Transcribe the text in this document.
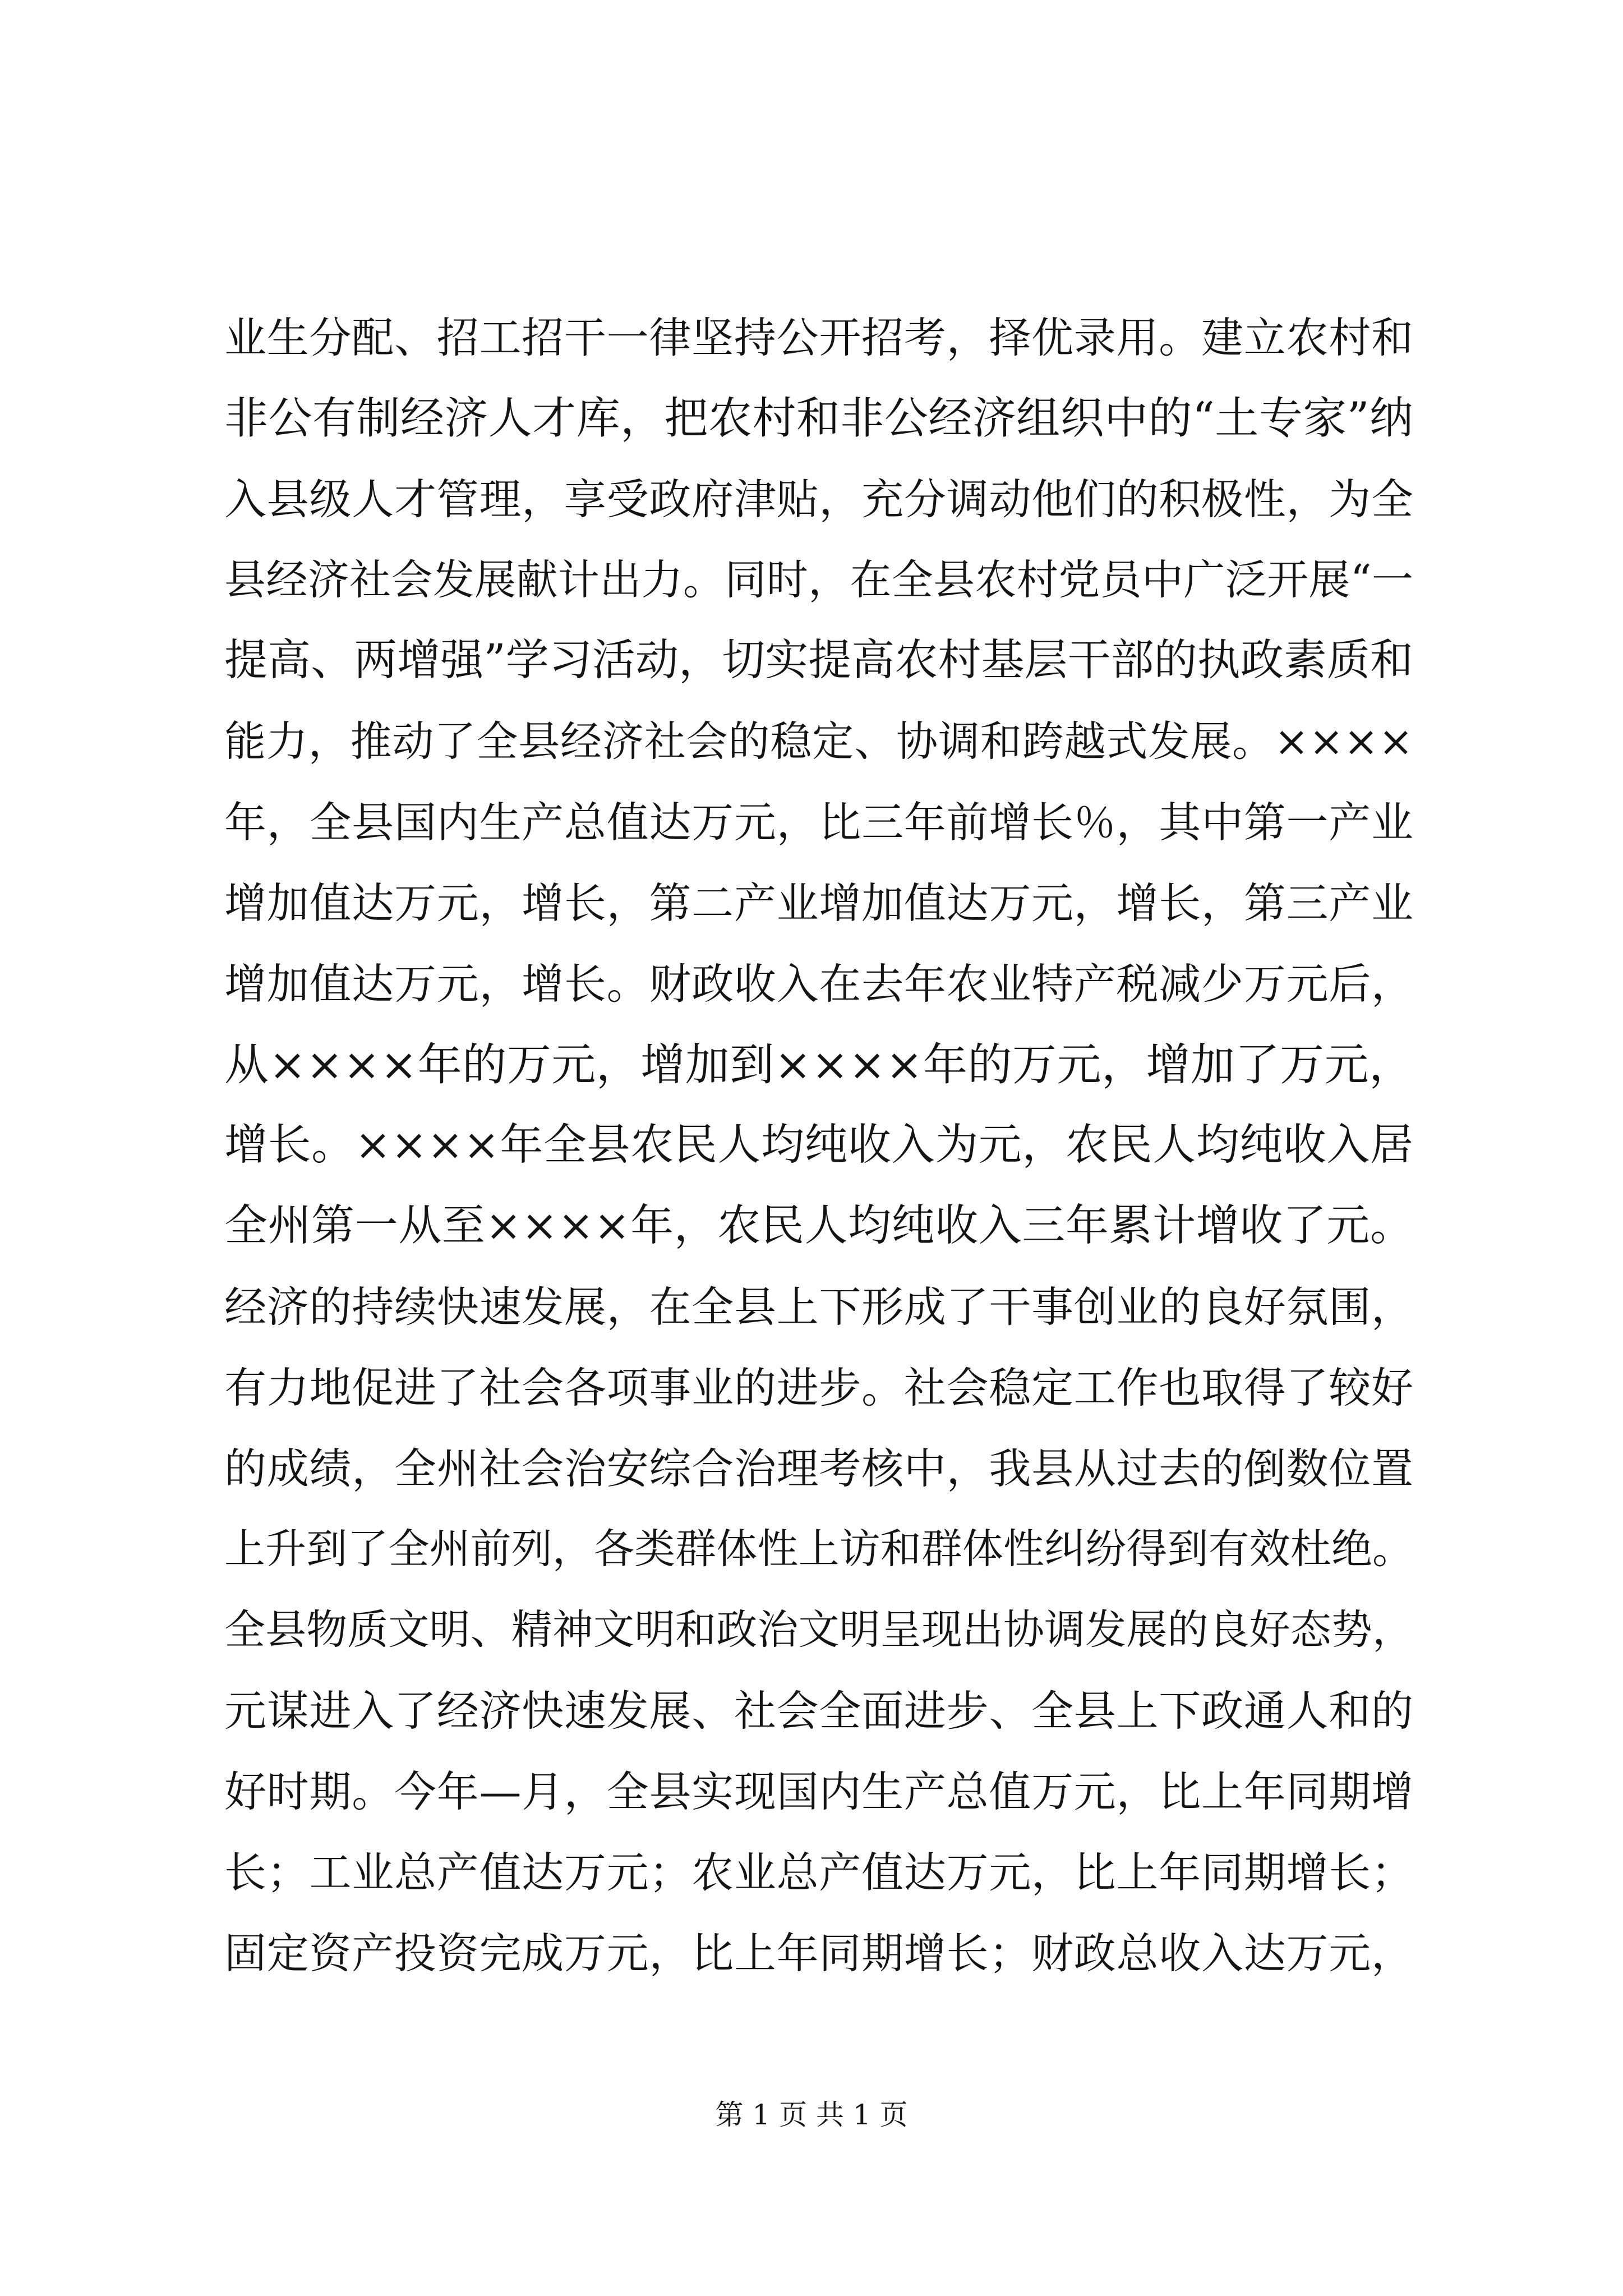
业生分配、招工招干一律坚持公开招考，择优录用。建立农村和
非公有制经济人才库，把农村和非公经济组织中的“土专家”纳
入县级人才管理，享受政府津贴，充分调动他们的积极性，为全
县经济社会发展献计出力。同时，在全县农村党员中广泛开展“一
提高、两增强”学习活动，切实提高农村基层干部的执政素质和
能力，推动了全县经济社会的稳定、协调和跨越式发展。××××
年，全县国内生产总值达万元，比三年前增长％，其中第一产业
增加值达万元，增长，第二产业增加值达万元，增长，第三产业
增加值达万元，增长。财政收入在去年农业特产税减少万元后，
从××××年的万元，增加到××××年的万元，增加了万元，
增长。××××年全县农民人均纯收入为元，农民人均纯收入居
全州第一从至××××年，农民人均纯收入三年累计增收了元。
经济的持续快速发展，在全县上下形成了干事创业的良好氛围，
有力地促进了社会各项事业的进步。社会稳定工作也取得了较好
的成绩，全州社会治安综合治理考核中，我县从过去的倒数位置
上升到了全州前列，各类群体性上访和群体性纠纷得到有效杜绝。
全县物质文明、精神文明和政治文明呈现出协调发展的良好态势，
元谋进入了经济快速发展、社会全面进步、全县上下政通人和的
好时期。今年—月，全县实现国内生产总值万元，比上年同期增
长；工业总产值达万元；农业总产值达万元，比上年同期增长；
固定资产投资完成万元，比上年同期增长；财政总收入达万元，
第 1 页 共 1 页
